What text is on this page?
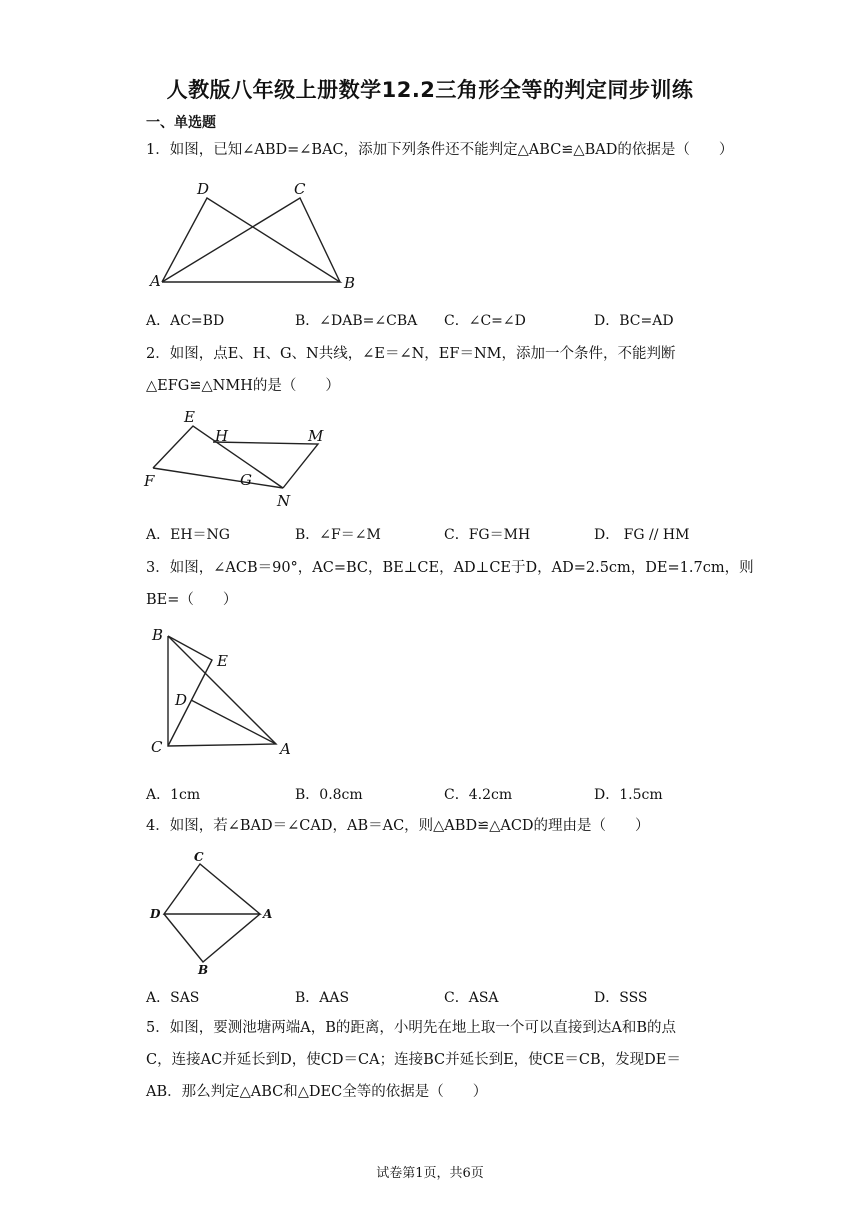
人教版八年级上册数学12.2三角形全等的判定同步训练
一、单选题
1．如图，已知∠ABD=∠BAC，添加下列条件还不能判定△ABC≌△BAD的依据是（　　）
D	C
A	B
A．AC=BD	B．∠DAB=∠CBA C．∠C=∠D	D．BC=AD
2．如图，点E、H、G、N共线，∠E＝∠N，EF＝NM，添加一个条件，不能判断
△EFG≌△NMH的是（　　）
E
H	M
F	G
N
A．EH＝NG	B．∠F＝∠M	C．FG＝MH	D． FG // HM
3．如图，∠ACB＝90°，AC=BC，BE⊥CE，AD⊥CE于D，AD=2.5cm，DE=1.7cm，则
BE=（　　）
B
E
D
C	A
A．1cm	B．0.8cm	C．4.2cm	D．1.5cm
4．如图，若∠BAD＝∠CAD，AB＝AC，则△ABD≌△ACD的理由是（　　）
C
D	A
B
A．SAS	B．AAS	C．ASA	D．SSS
5．如图，要测池塘两端A，B的距离，小明先在地上取一个可以直接到达A和B的点
C，连接AC并延长到D，使CD＝CA；连接BC并延长到E，使CE＝CB，发现DE＝
AB．那么判定△ABC和△DEC全等的依据是（　　）
试卷第1页，共6页
